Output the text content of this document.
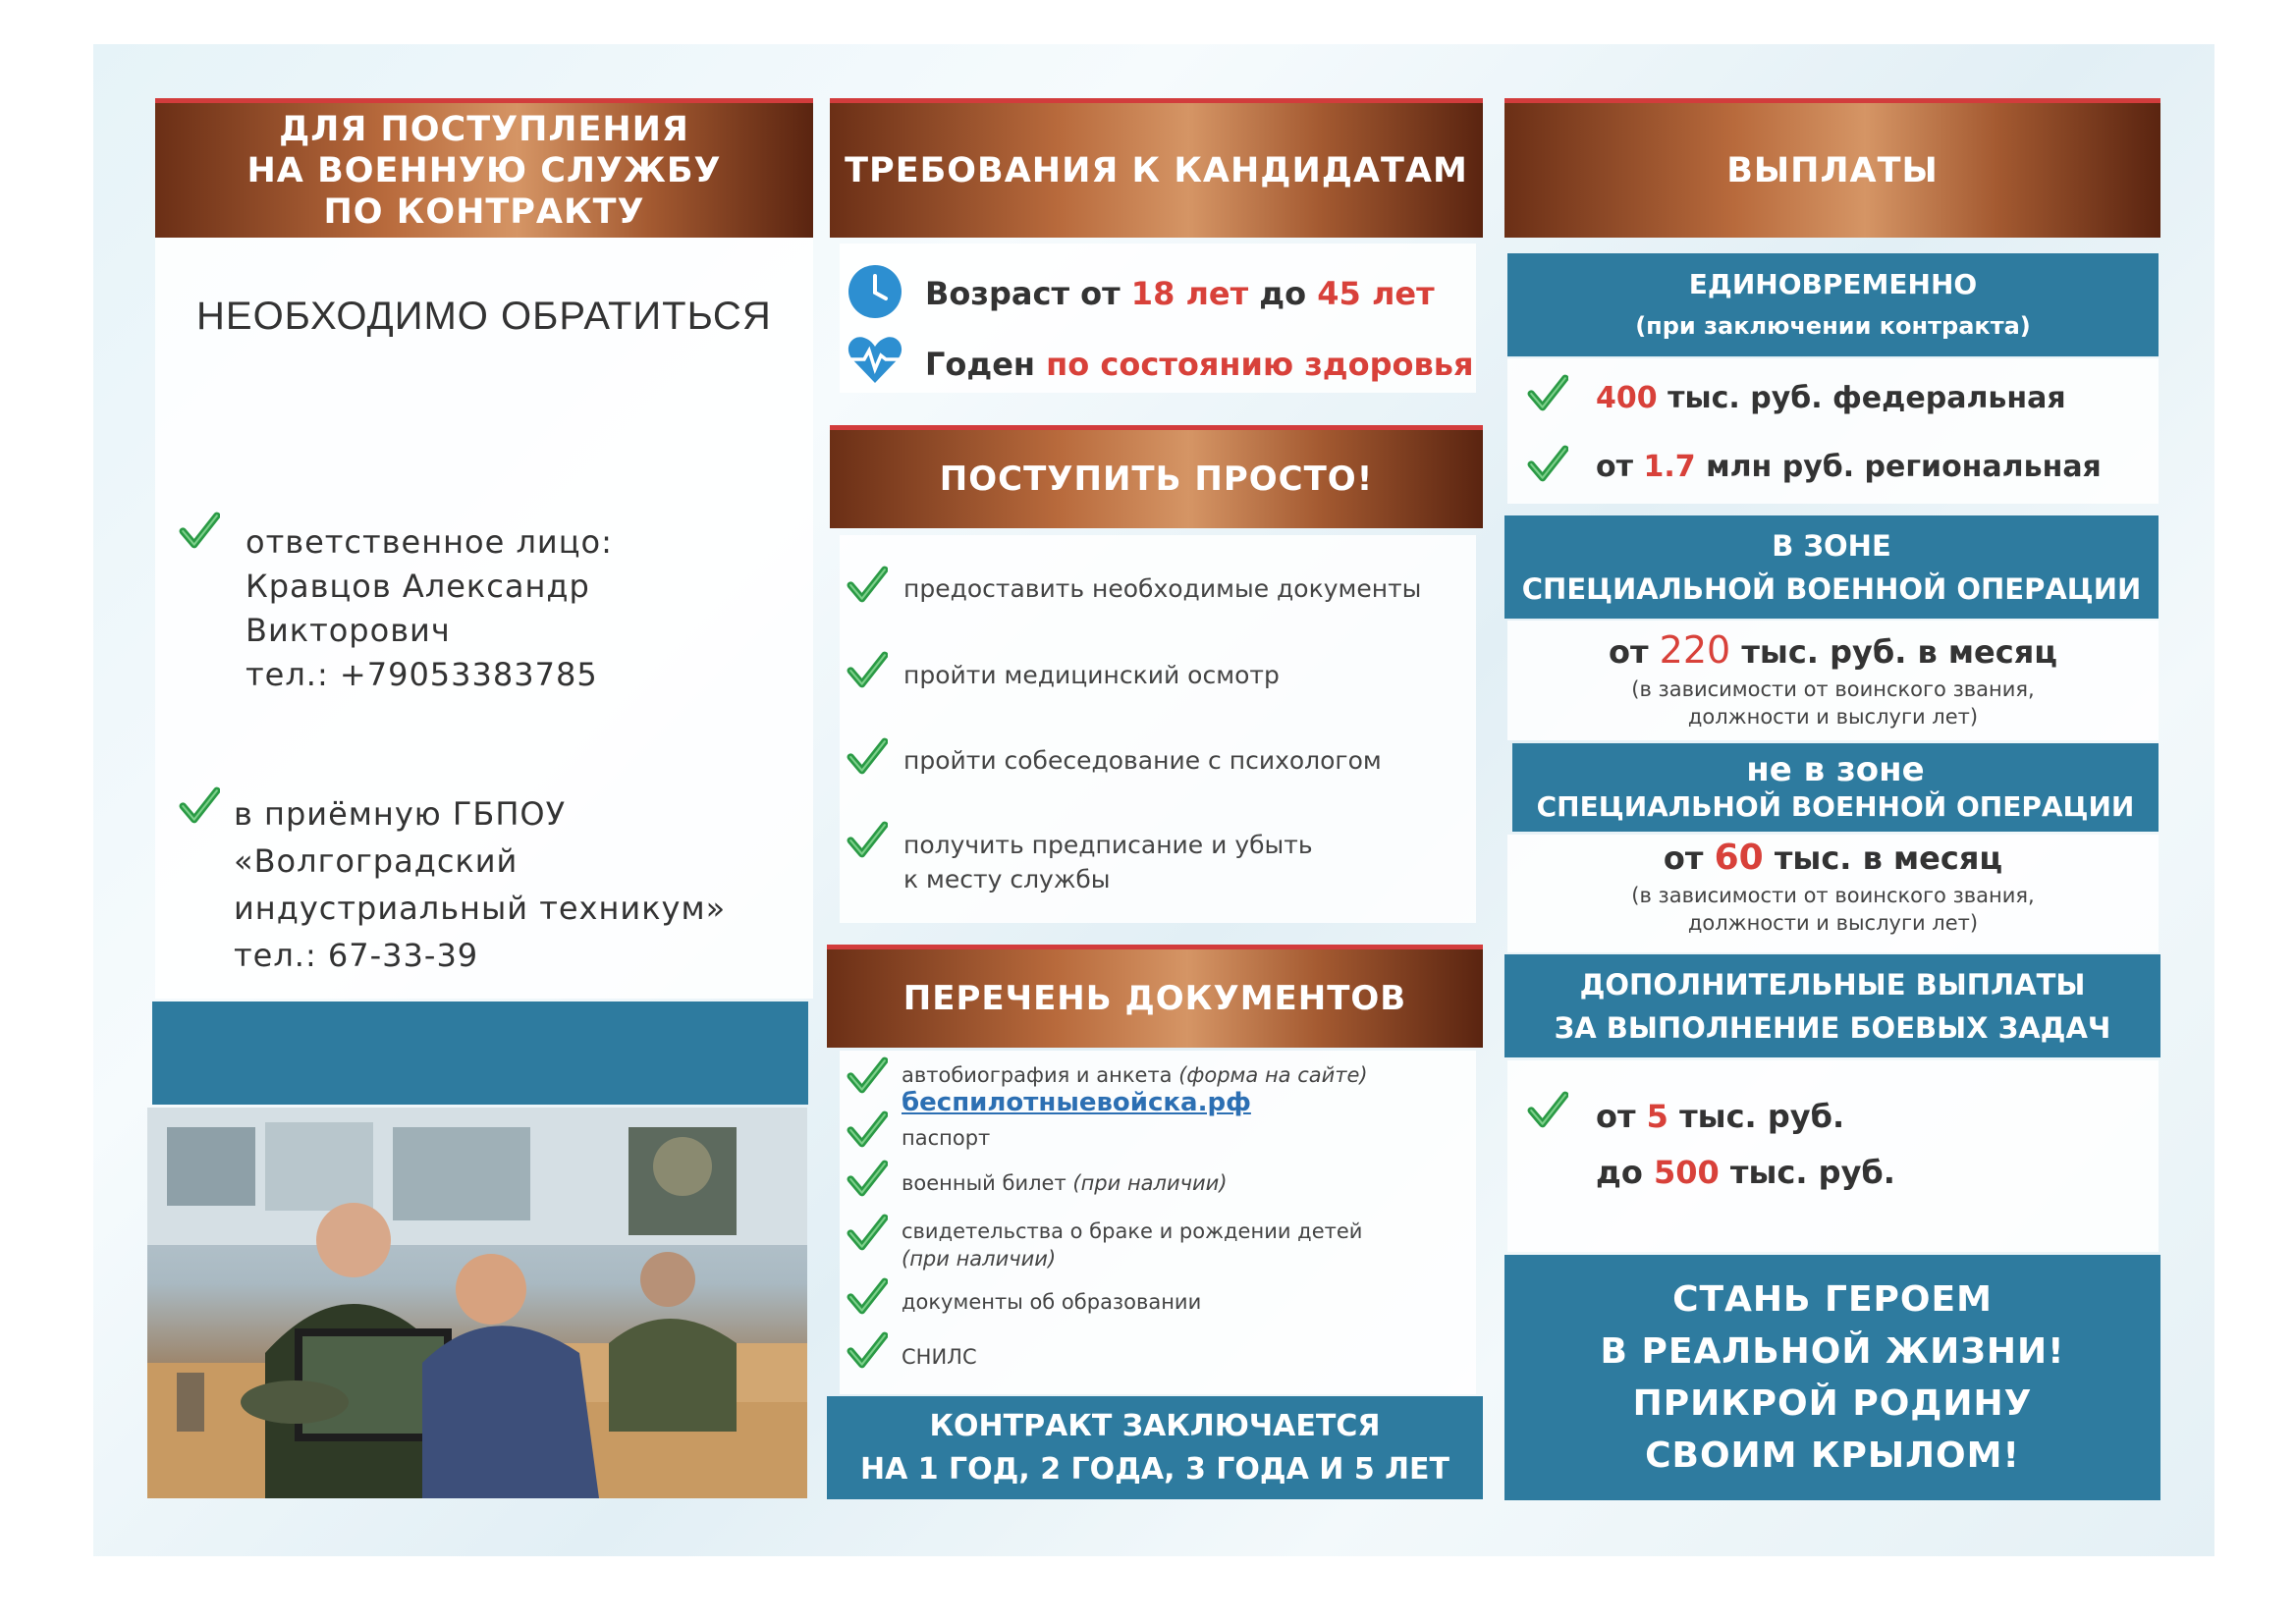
ДЛЯ ПОСТУПЛЕНИЯ
НА ВОЕННУЮ СЛУЖБУ
ПО КОНТРАКТУ
НЕОБХОДИМО ОБРАТИТЬСЯ
ответственное лицо:
Кравцов Александр
Викторович
тел.: +79053383785
в приёмную ГБПОУ
«Волгоградский
индустриальный техникум»
тел.: 67-33-39
ТРЕБОВАНИЯ К КАНДИДАТАМ
Возраст от 18 лет до 45 лет
Годен по состоянию здоровья
ПОСТУПИТЬ ПРОСТО!
предоставить необходимые документы
пройти медицинский осмотр
пройти собеседование с психологом
получить предписание и убыть
к месту службы
ПЕРЕЧЕНЬ ДОКУМЕНТОВ
автобиография и анкета (форма на сайте)
беспилотныевойска.рф
паспорт
военный билет (при наличии)
свидетельства о браке и рождении детей
(при наличии)
документы об образовании
СНИЛС
КОНТРАКТ ЗАКЛЮЧАЕТСЯ
НА 1 ГОД, 2 ГОДА, 3 ГОДА И 5 ЛЕТ
ВЫПЛАТЫ
ЕДИНОВРЕМЕННО
(при заключении контракта)
400 тыс. руб. федеральная
от 1.7 млн руб. региональная
В ЗОНЕ
СПЕЦИАЛЬНОЙ ВОЕННОЙ ОПЕРАЦИИ
от 220 тыс. руб. в месяц
(в зависимости от воинского звания,
должности и выслуги лет)
не в зоне
СПЕЦИАЛЬНОЙ ВОЕННОЙ ОПЕРАЦИИ
от 60 тыс. в месяц
(в зависимости от воинского звания,
должности и выслуги лет)
ДОПОЛНИТЕЛЬНЫЕ ВЫПЛАТЫ
ЗА ВЫПОЛНЕНИЕ БОЕВЫХ ЗАДАЧ
от 5 тыс. руб.
до 500 тыс. руб.
СТАНЬ ГЕРОЕМ
В РЕАЛЬНОЙ ЖИЗНИ!
ПРИКРОЙ РОДИНУ
СВОИМ КРЫЛОМ!
